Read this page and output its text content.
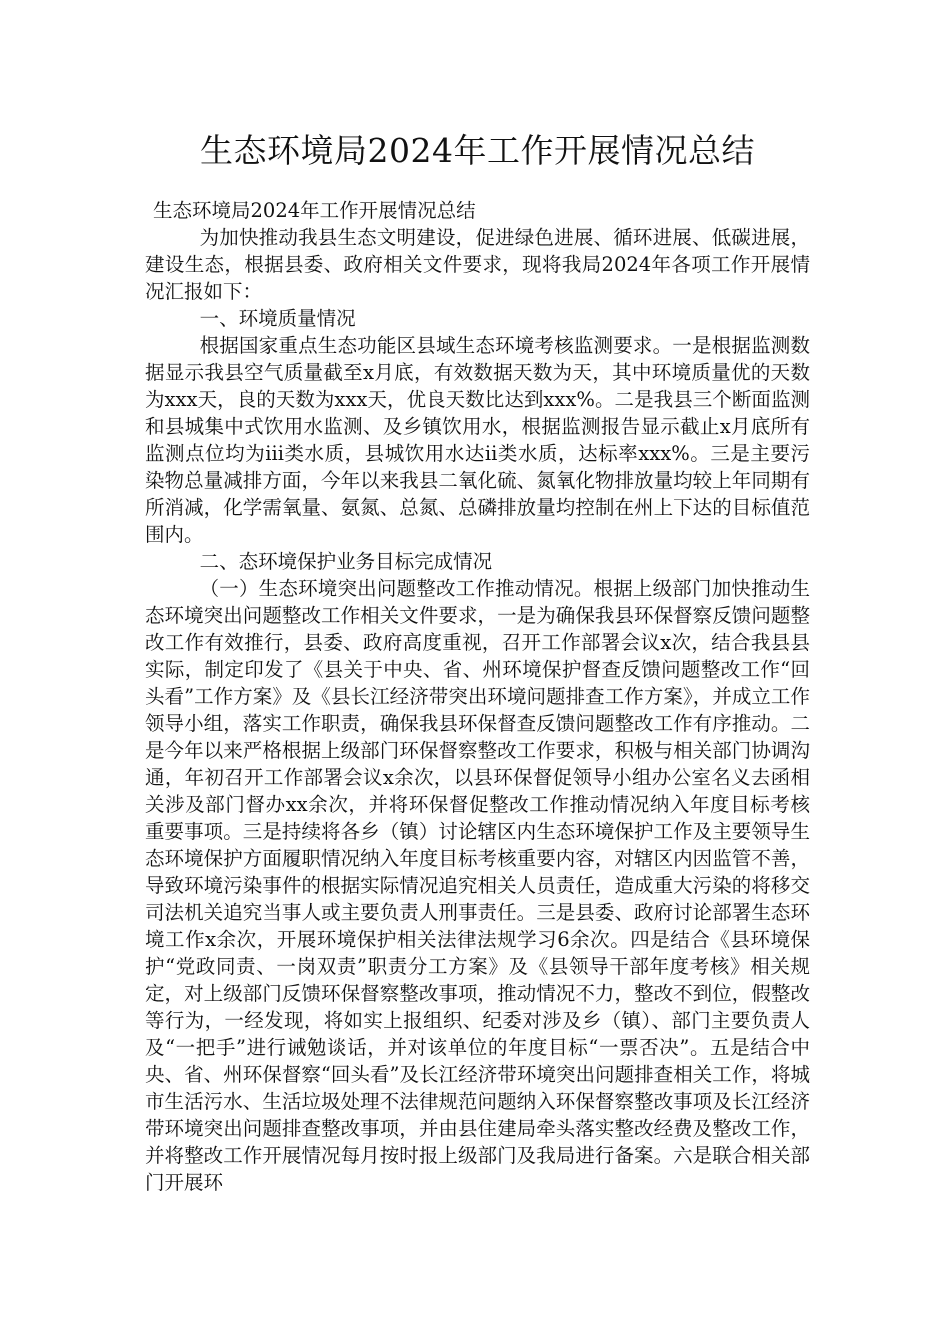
生态环境局2024年工作开展情况总结

生态环境局2024年工作开展情况总结

为加快推动我县生态文明建设，促进绿色进展、循环进展、低碳进展，建设生态，根据县委、政府相关文件要求，现将我局2024年各项工作开展情况汇报如下：

一、环境质量情况

根据国家重点生态功能区县域生态环境考核监测要求。一是根据监测数据显示我县空气质量截至x月底，有效数据天数为天，其中环境质量优的天数为xxx天，良的天数为xxx天，优良天数比达到xxx%。二是我县三个断面监测和县城集中式饮用水监测、及乡镇饮用水，根据监测报告显示截止x月底所有监测点位均为iii类水质，县城饮用水达ii类水质，达标率xxx%。三是主要污染物总量减排方面，今年以来我县二氧化硫、氮氧化物排放量均较上年同期有所消减，化学需氧量、氨氮、总氮、总磷排放量均控制在州上下达的目标值范围内。

二、态环境保护业务目标完成情况

（一）生态环境突出问题整改工作推动情况。根据上级部门加快推动生态环境突出问题整改工作相关文件要求，一是为确保我县环保督察反馈问题整改工作有效推行，县委、政府高度重视，召开工作部署会议x次，结合我县县实际，制定印发了《县关于中央、省、州环境保护督查反馈问题整改工作“回头看”工作方案》及《县长江经济带突出环境问题排查工作方案》，并成立工作领导小组，落实工作职责，确保我县环保督查反馈问题整改工作有序推动。二是今年以来严格根据上级部门环保督察整改工作要求，积极与相关部门协调沟通，年初召开工作部署会议x余次，以县环保督促领导小组办公室名义去函相关涉及部门督办xx余次，并将环保督促整改工作推动情况纳入年度目标考核重要事项。三是持续将各乡（镇）讨论辖区内生态环境保护工作及主要领导生态环境保护方面履职情况纳入年度目标考核重要内容，对辖区内因监管不善，导致环境污染事件的根据实际情况追究相关人员责任，造成重大污染的将移交司法机关追究当事人或主要负责人刑事责任。三是县委、政府讨论部署生态环境工作x余次，开展环境保护相关法律法规学习6余次。四是结合《县环境保护“党政同责、一岗双责”职责分工方案》及《县领导干部年度考核》相关规定，对上级部门反馈环保督察整改事项，推动情况不力，整改不到位，假整改等行为，一经发现，将如实上报组织、纪委对涉及乡（镇）、部门主要负责人及“一把手”进行诫勉谈话，并对该单位的年度目标“一票否决”。五是结合中央、省、州环保督察“回头看”及长江经济带环境突出问题排查相关工作，将城市生活污水、生活垃圾处理不法律规范问题纳入环保督察整改事项及长江经济带环境突出问题排查整改事项，并由县住建局牵头落实整改经费及整改工作，并将整改工作开展情况每月按时报上级部门及我局进行备案。六是联合相关部门开展环
